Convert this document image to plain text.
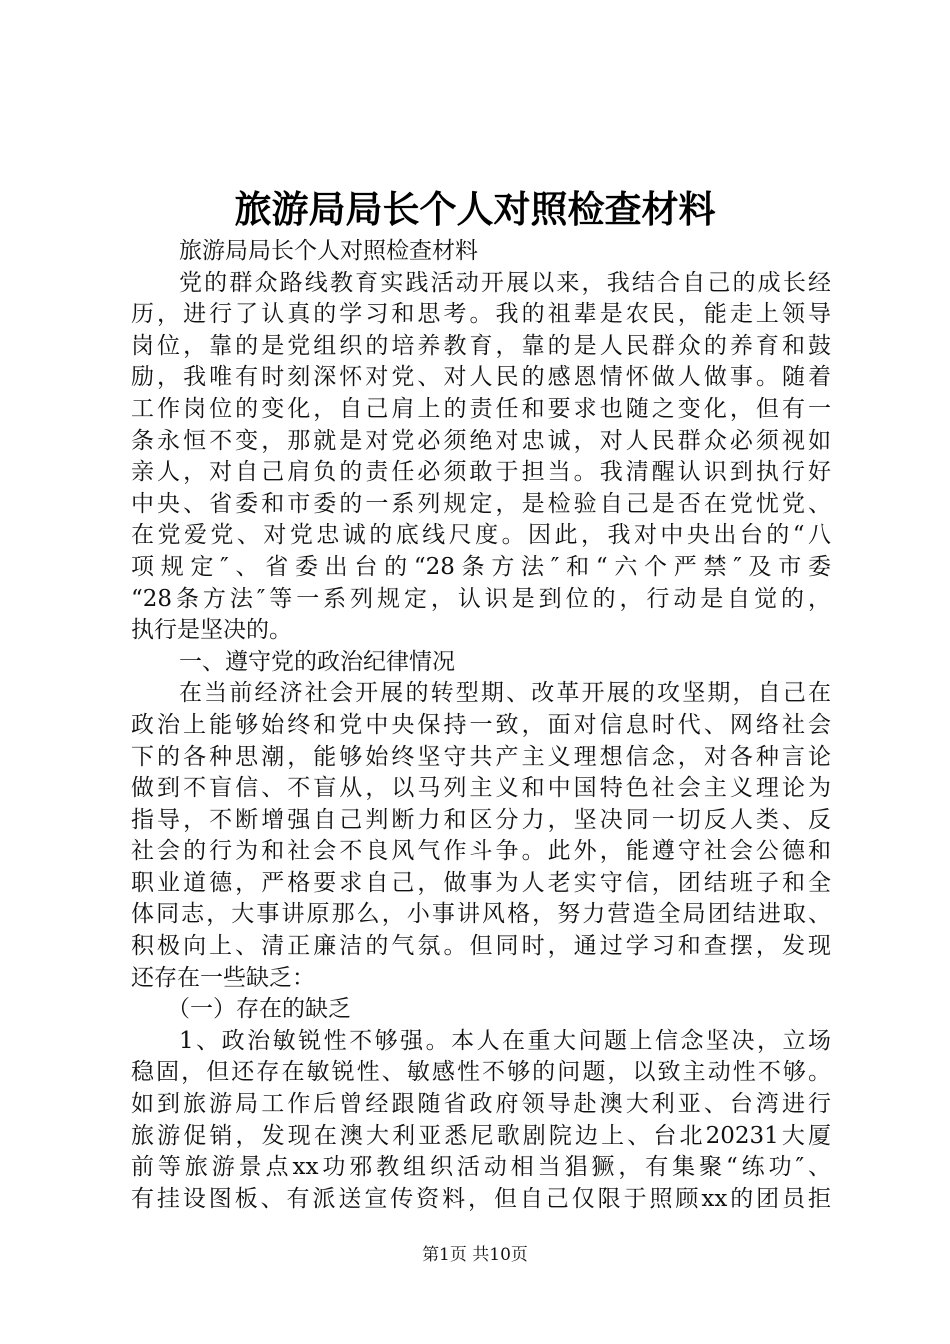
旅游局局长个人对照检查材料
旅游局局长个人对照检查材料
党的群众路线教育实践活动开展以来，我结合自己的成长经
历，进行了认真的学习和思考。我的祖辈是农民，能走上领导
岗位，靠的是党组织的培养教育，靠的是人民群众的养育和鼓
励，我唯有时刻深怀对党、对人民的感恩情怀做人做事。随着
工作岗位的变化，自己肩上的责任和要求也随之变化，但有一
条永恒不变，那就是对党必须绝对忠诚，对人民群众必须视如
亲人，对自己肩负的责任必须敢于担当。我清醒认识到执行好
中央、省委和市委的一系列规定，是检验自己是否在党忧党、
在党爱党、对党忠诚的底线尺度。因此，我对中央出台的“八
项规定″、省委出台的“28条方法″和“六个严禁″及市委
“28条方法″等一系列规定，认识是到位的，行动是自觉的，
执行是坚决的。
一、遵守党的政治纪律情况
在当前经济社会开展的转型期、改革开展的攻坚期，自己在
政治上能够始终和党中央保持一致，面对信息时代、网络社会
下的各种思潮，能够始终坚守共产主义理想信念，对各种言论
做到不盲信、不盲从，以马列主义和中国特色社会主义理论为
指导，不断增强自己判断力和区分力，坚决同一切反人类、反
社会的行为和社会不良风气作斗争。此外，能遵守社会公德和
职业道德，严格要求自己，做事为人老实守信，团结班子和全
体同志，大事讲原那么，小事讲风格，努力营造全局团结进取、
积极向上、清正廉洁的气氛。但同时，通过学习和查摆，发现
还存在一些缺乏：
（一）存在的缺乏
1、政治敏锐性不够强。本人在重大问题上信念坚决，立场
稳固，但还存在敏锐性、敏感性不够的问题，以致主动性不够。
如到旅游局工作后曾经跟随省政府领导赴澳大利亚、台湾进行
旅游促销，发现在澳大利亚悉尼歌剧院边上、台北20231大厦
前等旅游景点xx功邪教组织活动相当猖獗，有集聚“练功″、
有挂设图板、有派送宣传资料，但自己仅限于照顾xx的团员拒
第1页 共10页
